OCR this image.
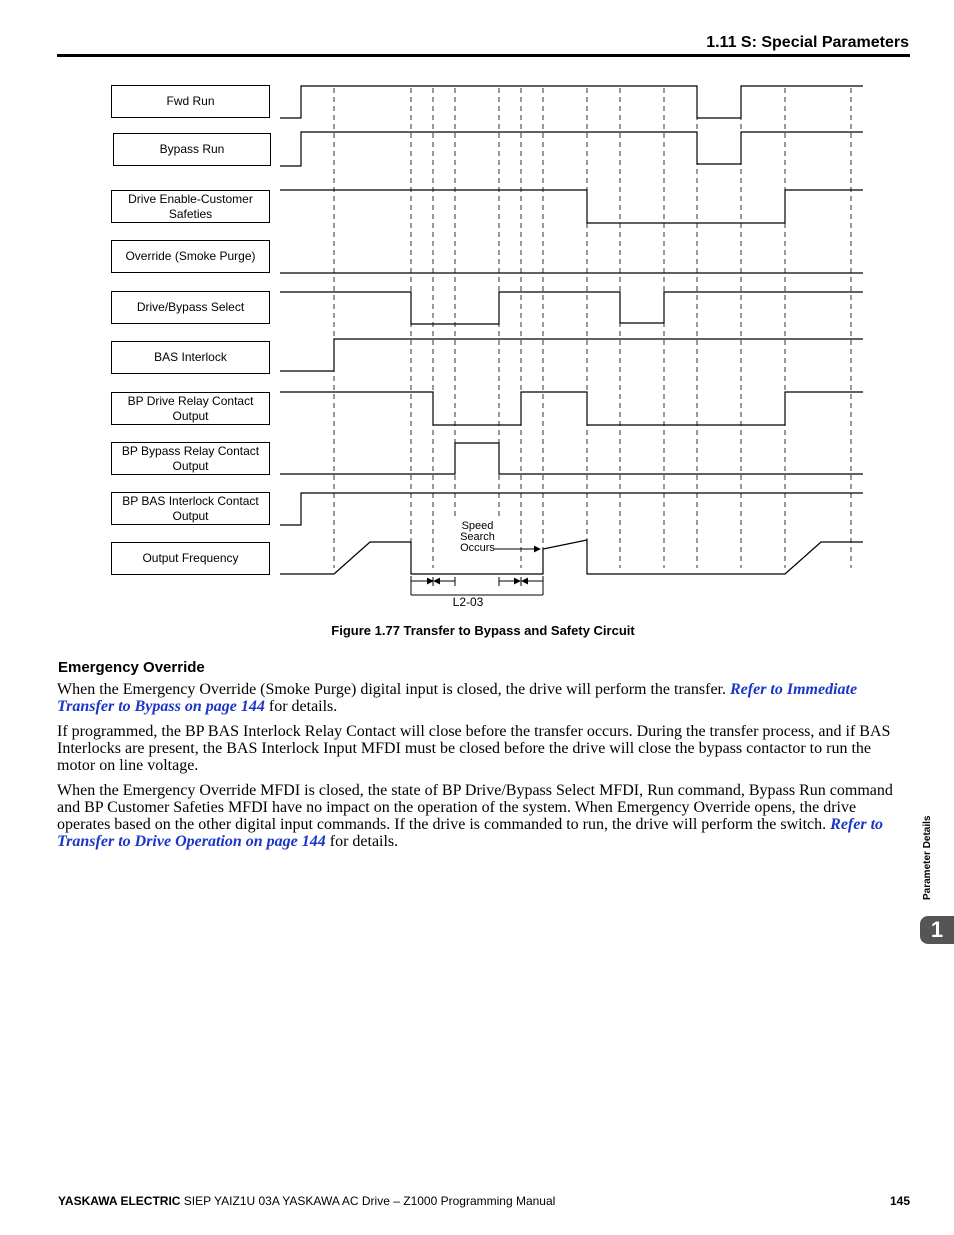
1.11 S: Special Parameters
Fwd Run
Bypass Run
Drive Enable-Customer Safeties
Override (Smoke Purge)
Drive/Bypass Select
BAS Interlock
BP Drive Relay Contact Output
BP Bypass Relay Contact Output
BP BAS Interlock Contact Output
Output Frequency
Speed
Search
Occurs
L2-03
Figure 1.77 Transfer to Bypass and Safety Circuit
Emergency Override

When the Emergency Override (Smoke Purge) digital input is closed, the drive will perform the transfer. Refer to Immediate Transfer to Bypass on page 144 for details.

If programmed, the BP BAS Interlock Relay Contact will close before the transfer occurs. During the transfer process, and if BAS Interlocks are present, the BAS Interlock Input MFDI must be closed before the drive will close the bypass contactor to run the motor on line voltage.

When the Emergency Override MFDI is closed, the state of BP Drive/Bypass Select MFDI, Run command, Bypass Run command and BP Customer Safeties MFDI have no impact on the operation of the system. When Emergency Override opens, the drive operates based on the other digital input commands. If the drive is commanded to run, the drive will perform the switch. Refer to Transfer to Drive Operation on page 144 for details.	Parameter Details
1
YASKAWA ELECTRIC SIEP YAIZ1U 03A YASKAWA AC Drive – Z1000 Programming Manual	145
